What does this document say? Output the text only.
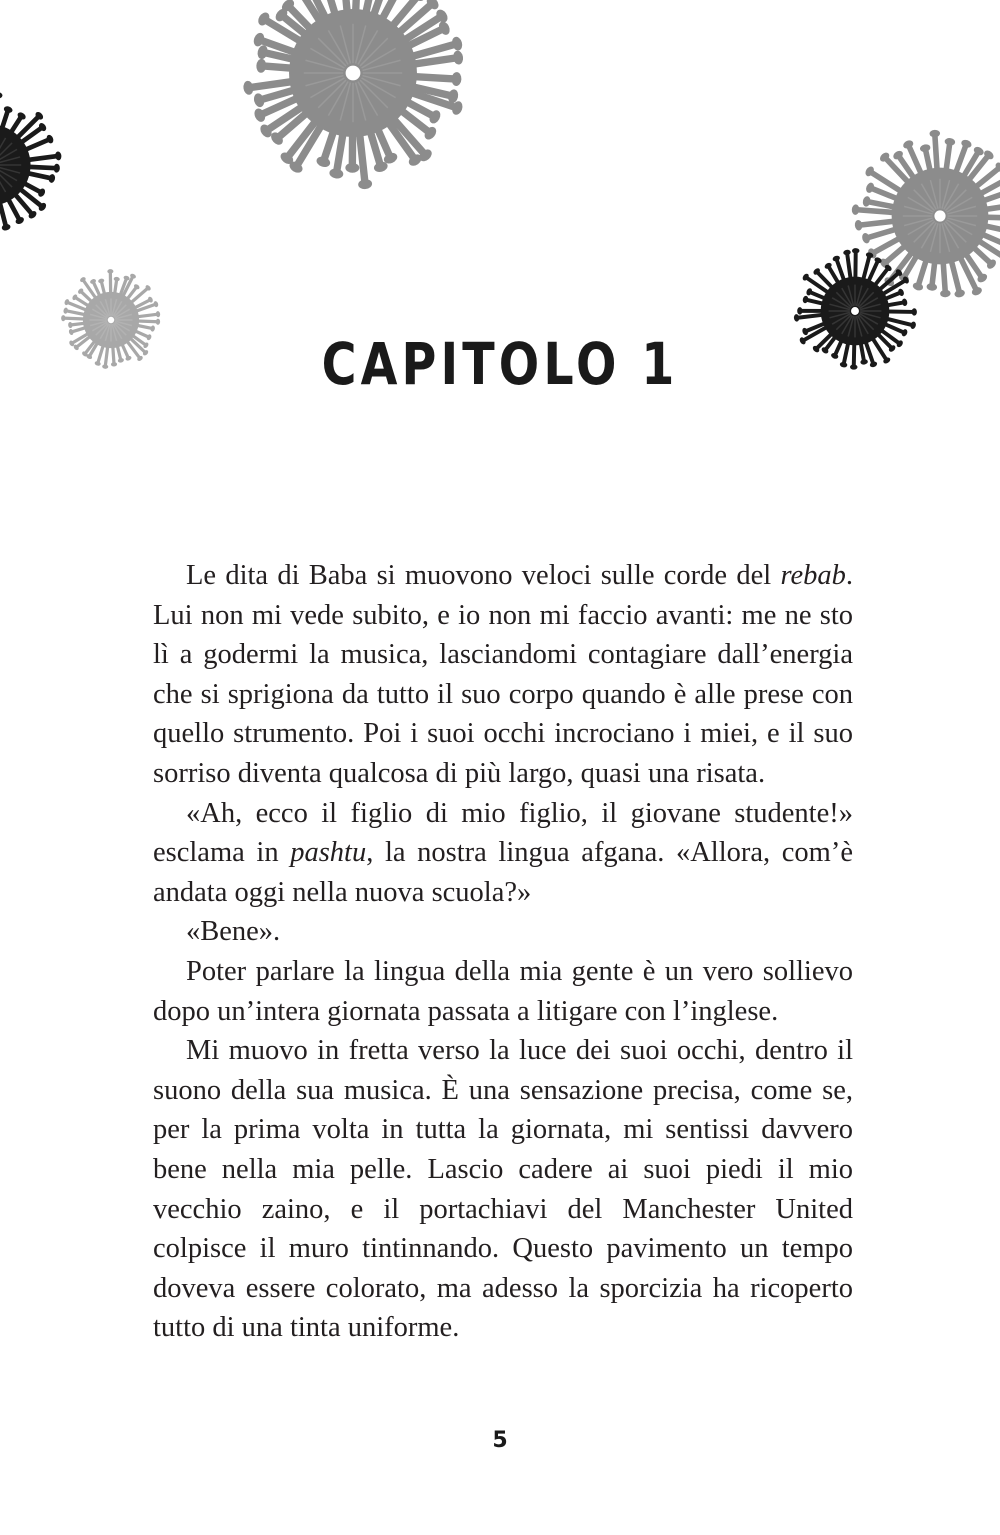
CAPITOLO 1

Le dita di Baba si muovono veloci sulle corde del rebab. Lui non mi vede subito, e io non mi faccio avanti: me ne sto lì a godermi la musica, lasciandomi contagiare dall’energia che si sprigiona da tutto il suo corpo quando è alle prese con quello strumento. Poi i suoi occhi incrociano i miei, e il suo sorriso diventa qualcosa di più largo, quasi una risata.

«Ah, ecco il figlio di mio figlio, il giovane studente!» esclama in pashtu, la nostra lingua afgana. «Allora, com’è andata oggi nella nuova scuola?»

«Bene».

Poter parlare la lingua della mia gente è un vero sollievo dopo un’intera giornata passata a litigare con l’inglese.

Mi muovo in fretta verso la luce dei suoi occhi, dentro il suono della sua musica. È una sensazione precisa, come se, per la prima volta in tutta la giornata, mi sentissi davvero bene nella mia pelle. Lascio cadere ai suoi piedi il mio vecchio zaino, e il portachiavi del Manchester United colpisce il muro tintinnando. Questo pavimento un tempo doveva essere colorato, ma adesso la sporcizia ha ricoperto tutto di una tinta uniforme.

5
